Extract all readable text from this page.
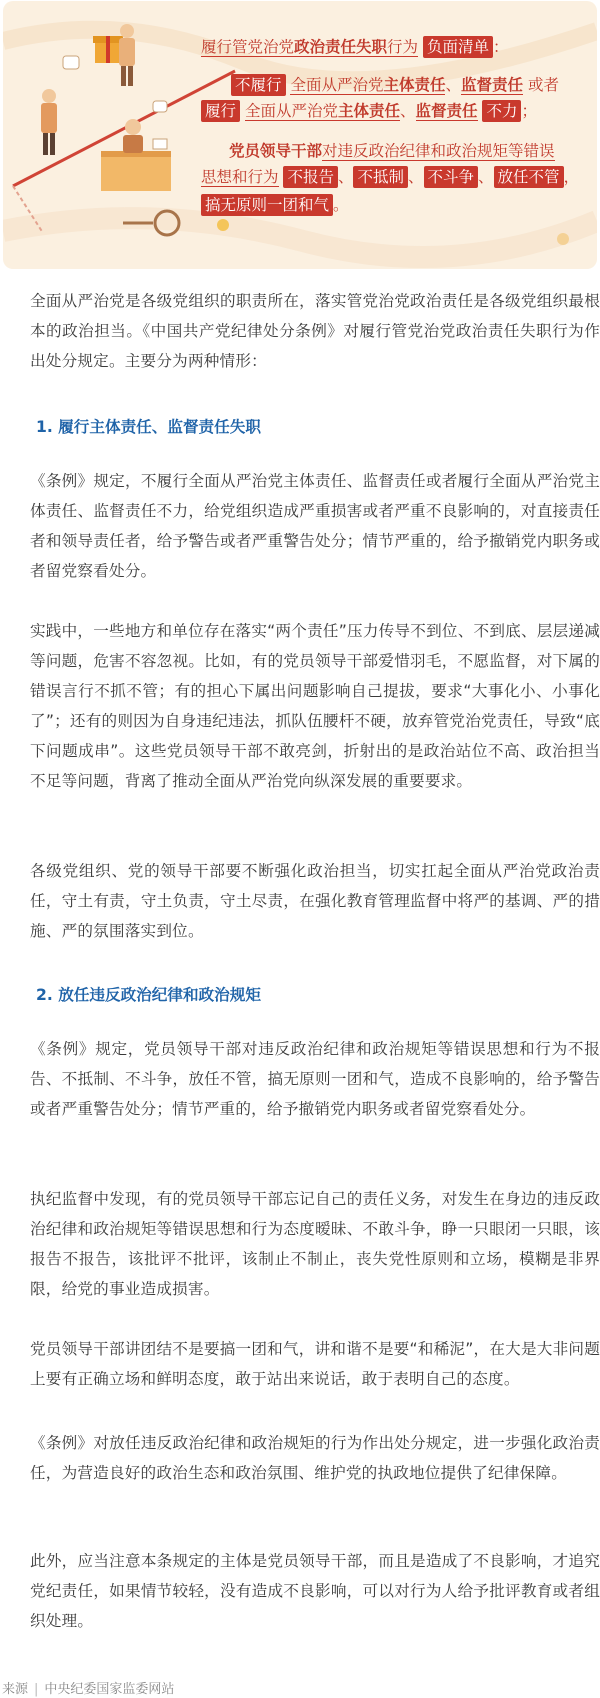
履行管党治党政治责任失职行为 负面清单 ：
不履行 全面从严治党主体责任、监督责任 或者
履行 全面从严治党主体责任、监督责任 不力 ；
党员领导干部对违反政治纪律和政治规矩等错误
思想和行为 不报告 、 不抵制 、 不斗争 、 放任不管 ，
搞无原则一团和气 。

全面从严治党是各级党组织的职责所在，落实管党治党政治责任是各级党组织最根本的政治担当。《中国共产党纪律处分条例》对履行管党治党政治责任失职行为作出处分规定。主要分为两种情形：

1. 履行主体责任、监督责任失职

《条例》规定，不履行全面从严治党主体责任、监督责任或者履行全面从严治党主体责任、监督责任不力，给党组织造成严重损害或者严重不良影响的，对直接责任者和领导责任者，给予警告或者严重警告处分；情节严重的，给予撤销党内职务或者留党察看处分。

实践中，一些地方和单位存在落实“两个责任”压力传导不到位、不到底、层层递减等问题，危害不容忽视。比如，有的党员领导干部爱惜羽毛，不愿监督，对下属的错误言行不抓不管；有的担心下属出问题影响自己提拔，要求“大事化小、小事化了”；还有的则因为自身违纪违法，抓队伍腰杆不硬，放弃管党治党责任，导致“底下问题成串”。这些党员领导干部不敢亮剑，折射出的是政治站位不高、政治担当不足等问题，背离了推动全面从严治党向纵深发展的重要要求。

各级党组织、党的领导干部要不断强化政治担当，切实扛起全面从严治党政治责任，守土有责，守土负责，守土尽责，在强化教育管理监督中将严的基调、严的措施、严的氛围落实到位。

2. 放任违反政治纪律和政治规矩

《条例》规定，党员领导干部对违反政治纪律和政治规矩等错误思想和行为不报告、不抵制、不斗争，放任不管，搞无原则一团和气，造成不良影响的，给予警告或者严重警告处分；情节严重的，给予撤销党内职务或者留党察看处分。

执纪监督中发现，有的党员领导干部忘记自己的责任义务，对发生在身边的违反政治纪律和政治规矩等错误思想和行为态度暧昧、不敢斗争，睁一只眼闭一只眼，该报告不报告，该批评不批评，该制止不制止，丧失党性原则和立场，模糊是非界限，给党的事业造成损害。

党员领导干部讲团结不是要搞一团和气，讲和谐不是要“和稀泥”，在大是大非问题上要有正确立场和鲜明态度，敢于站出来说话，敢于表明自己的态度。

《条例》对放任违反政治纪律和政治规矩的行为作出处分规定，进一步强化政治责任，为营造良好的政治生态和政治氛围、维护党的执政地位提供了纪律保障。

此外，应当注意本条规定的主体是党员领导干部，而且是造成了不良影响，才追究党纪责任，如果情节较轻，没有造成不良影响，可以对行为人给予批评教育或者组织处理。

来源 | 中央纪委国家监委网站
